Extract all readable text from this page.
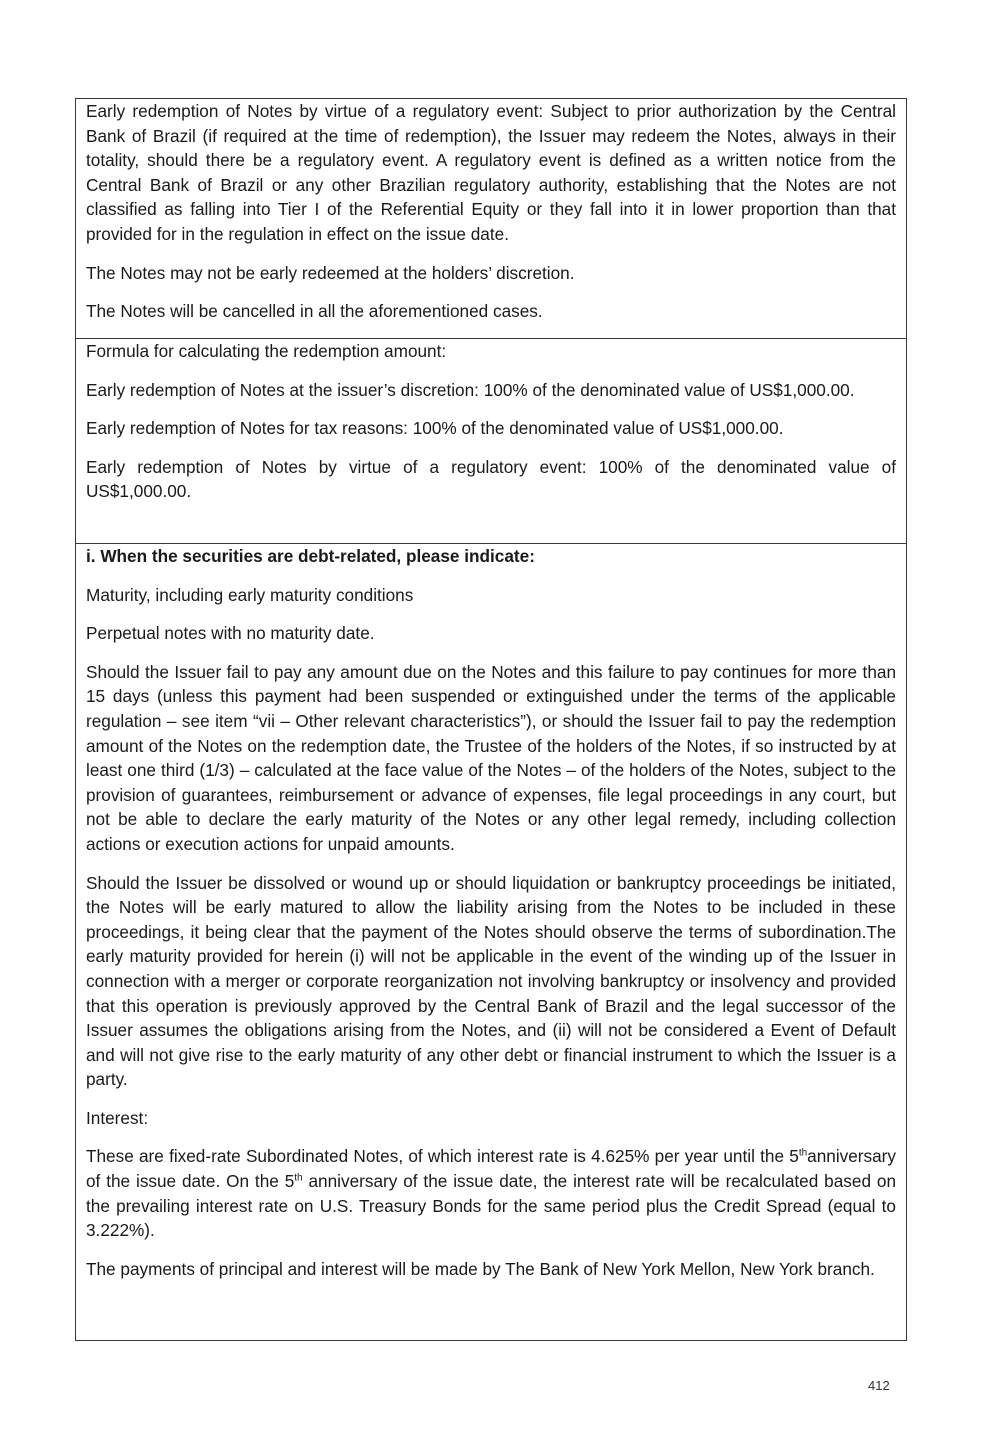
Early redemption of Notes by virtue of a regulatory event: Subject to prior authorization by the Central Bank of Brazil (if required at the time of redemption), the Issuer may redeem the Notes, always in their totality, should there be a regulatory event. A regulatory event is defined as a written notice from the Central Bank of Brazil or any other Brazilian regulatory authority, establishing that the Notes are not classified as falling into Tier I of the Referential Equity or they fall into it in lower proportion than that provided for in the regulation in effect on the issue date.

The Notes may not be early redeemed at the holders’ discretion.

The Notes will be cancelled in all the aforementioned cases.

Formula for calculating the redemption amount:

Early redemption of Notes at the issuer’s discretion: 100% of the denominated value of US$1,000.00.

Early redemption of Notes for tax reasons: 100% of the denominated value of US$1,000.00.

Early redemption of Notes by virtue of a regulatory event: 100% of the denominated value of US$1,000.00.

i. When the securities are debt-related, please indicate:

Maturity, including early maturity conditions

Perpetual notes with no maturity date.

Should the Issuer fail to pay any amount due on the Notes and this failure to pay continues for more than 15 days (unless this payment had been suspended or extinguished under the terms of the applicable regulation – see item “vii – Other relevant characteristics”), or should the Issuer fail to pay the redemption amount of the Notes on the redemption date, the Trustee of the holders of the Notes, if so instructed by at least one third (1/3) – calculated at the face value of the Notes – of the holders of the Notes, subject to the provision of guarantees, reimbursement or advance of expenses, file legal proceedings in any court, but not be able to declare the early maturity of the Notes or any other legal remedy, including collection actions or execution actions for unpaid amounts.

Should the Issuer be dissolved or wound up or should liquidation or bankruptcy proceedings be initiated, the Notes will be early matured to allow the liability arising from the Notes to be included in these proceedings, it being clear that the payment of the Notes should observe the terms of subordination.The early maturity provided for herein (i) will not be applicable in the event of the winding up of the Issuer in connection with a merger or corporate reorganization not involving bankruptcy or insolvency and provided that this operation is previously approved by the Central Bank of Brazil and the legal successor of the Issuer assumes the obligations arising from the Notes, and (ii) will not be considered a Event of Default and will not give rise to the early maturity of any other debt or financial instrument to which the Issuer is a party.

Interest:

These are fixed-rate Subordinated Notes, of which interest rate is 4.625% per year until the 5thanniversary of the issue date. On the 5th anniversary of the issue date, the interest rate will be recalculated based on the prevailing interest rate on U.S. Treasury Bonds for the same period plus the Credit Spread (equal to 3.222%).

The payments of principal and interest will be made by The Bank of New York Mellon, New York branch.

412
